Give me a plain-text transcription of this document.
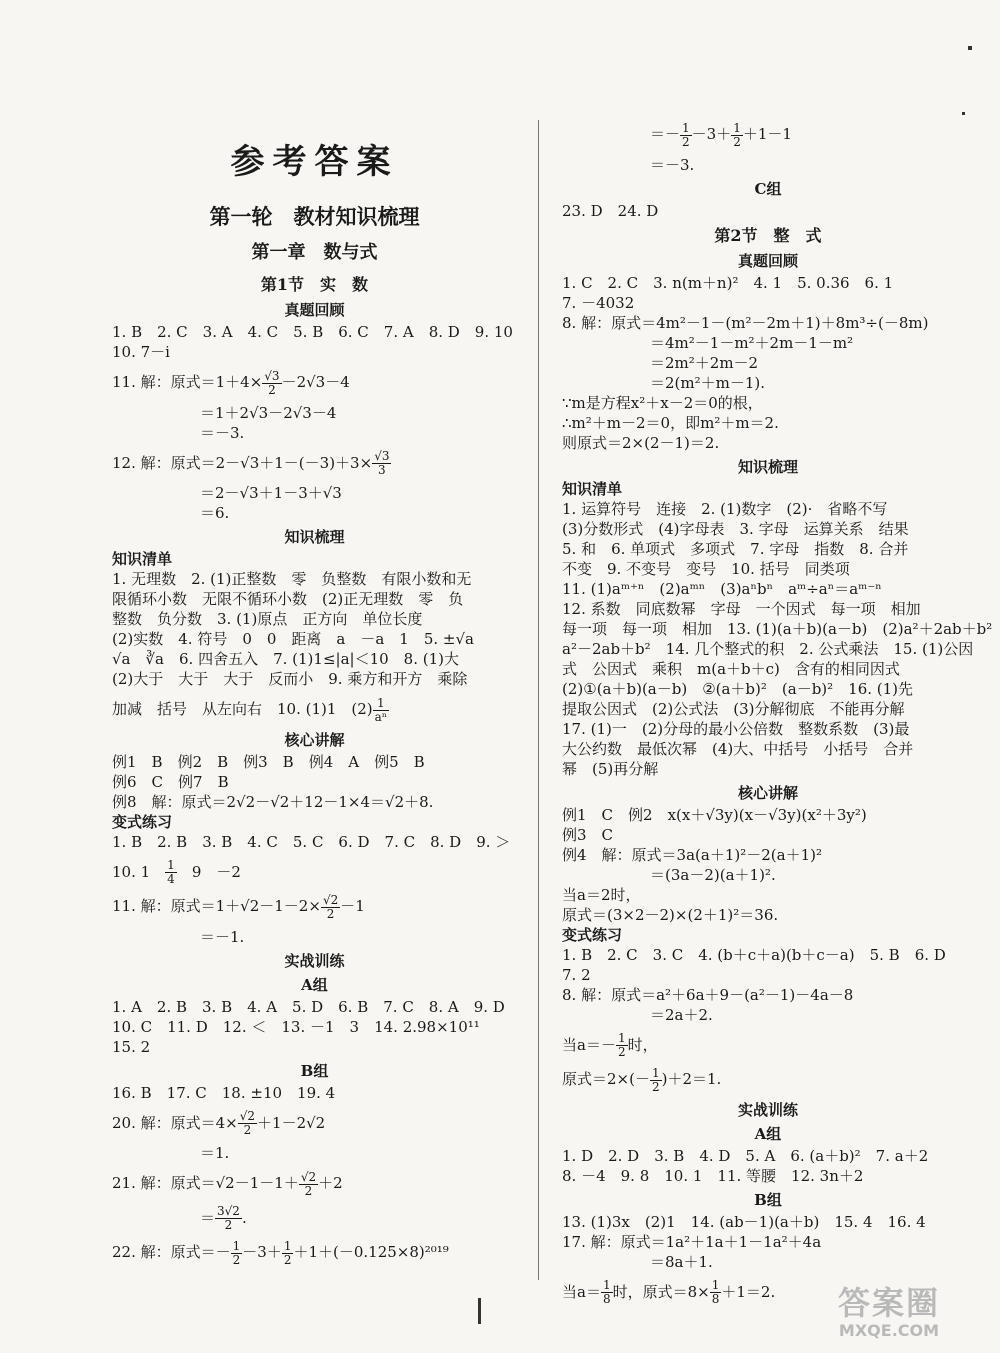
参考答案
第一轮　教材知识梳理
第一章　数与式
第1节　实　数
真题回顾
1. B　2. C　3. A　4. C　5. B　6. C　7. A　8. D　9. 10
10. 7－i
11. 解：原式$=1+4\times \frac{√3}{2} -2√3-4$
＝1＋2√3－2√3－4
＝－3.
12. 解：原式$=2-√3+1-(-3)+3\times \frac{√3}{3}$
＝2－√3＋1－3＋√3
＝6.
知识梳理
知识清单
1. 无理数　2. (1)正整数　零　负整数　有限小数和无
限循环小数　无限不循环小数　(2)正无理数　零　负
整数　负分数　3. (1)原点　正方向　单位长度
(2)实数　4. 符号　0　0　距离　a　－a　1　5. ±√a
√a　∛a　6. 四舍五入　7. (1)1≤|a|＜10　8. (1)大
(2)大于　大于　大于　反而小　9. 乘方和开方　乘除
加减　括号　从左向右　10. (1)1　$(2) \frac{1}{\text{aⁿ}}$
核心讲解
例1　B　例2　B　例3　B　例4　A　例5　B
例6　C　例7　B
例8　解：原式＝2√2－√2＋12－1×4＝√2＋8.
变式练习
1. B　2. B　3. B　4. C　5. C　6. D　7. C　8. D　9. ＞
10. 1　 $\frac{1}{4}$ 　9　－2
11. 解：原式$=1+√2-1-2\times \frac{√2}{2} -1$
＝－1.
实战训练
A组
1. A　2. B　3. B　4. A　5. D　6. B　7. C　8. A　9. D
10. C　11. D　12. ＜　13. －1　3　14. 2.98×10¹¹
15. 2
B组
16. B　17. C　18. ±10　19. 4
20. 解：原式$=4\times \frac{√2}{2} +1-2√2$
＝1.
21. 解：原式$=√2-1-1+ \frac{√2}{2} +2$
＝ $\frac{3√2}{2}$ .
22. 解：原式＝－ $\frac{1}{2} -3+ \frac{1}{2} +1+(-0.125\times 8)^{2019}$
＝－ $\frac{1}{2} -3+ \frac{1}{2} +1-1$
＝－3.
C组
23. D　24. D
第2节　整　式
真题回顾
1. C　2. C　3. n(m＋n)²　4. 1　5. 0.36　6. 1
7. －4032
8. 解：原式＝4m²－1－(m²－2m＋1)＋8m³÷(－8m)
＝4m²－1－m²＋2m－1－m²
＝2m²＋2m－2
＝2(m²＋m－1).
∵m是方程x²＋x－2＝0的根，
∴m²＋m－2＝0，即m²＋m＝2.
则原式＝2×(2－1)＝2.
知识梳理
知识清单
1. 运算符号　连接　2. (1)数字　(2)·　省略不写
(3)分数形式　(4)字母表　3. 字母　运算关系　结果
5. 和　6. 单项式　多项式　7. 字母　指数　8. 合并
不变　9. 不变号　变号　10. 括号　同类项
11. (1)aᵐ⁺ⁿ　(2)aᵐⁿ　(3)aⁿbⁿ　aᵐ÷aⁿ＝aᵐ⁻ⁿ
12. 系数　同底数幂　字母　一个因式　每一项　相加
每一项　每一项　相加　13. (1)(a＋b)(a－b)　(2)a²＋2ab＋b²
a²－2ab＋b²　14. 几个整式的积　2. 公式乘法　15. (1)公因
式　公因式　乘积　m(a＋b＋c)　含有的相同因式
(2)①(a＋b)(a－b)　②(a＋b)²　(a－b)²　16. (1)先
提取公因式　(2)公式法　(3)分解彻底　不能再分解
17. (1)一　(2)分母的最小公倍数　整数系数　(3)最
大公约数　最低次幂　(4)大、中括号　小括号　合并
幂　(5)再分解
核心讲解
例1　C　例2　x(x＋√3y)(x－√3y)(x²＋3y²)
例3　C
例4　解：原式＝3a(a＋1)²－2(a＋1)²
＝(3a－2)(a＋1)².
当a＝2时，
原式＝(3×2－2)×(2＋1)²＝36.
变式练习
1. B　2. C　3. C　4. (b＋c＋a)(b＋c－a)　5. B　6. D
7. 2
8. 解：原式＝a²＋6a＋9－(a²－1)－4a－8
＝2a＋2.
当$a=- \frac{1}{2}$ 时，
原式$=2\times(- \frac{1}{2} )+2=1$.
实战训练
A组
1. D　2. D　3. B　4. D　5. A　6. (a＋b)²　7. a＋2
8. －4　9. 8　10. 1　11. 等腰　12. 3n＋2
B组
13. (1)3x　(2)1　14. (ab－1)(a＋b)　15. 4　16. 4
17. 解：原式＝1a²＋1a＋1－1a²＋4a
＝8a＋1.
当$a= \frac{1}{8}$ 时，原式$=8\times \frac{1}{8} +1=2$.	答案圈
MXQE.COM
